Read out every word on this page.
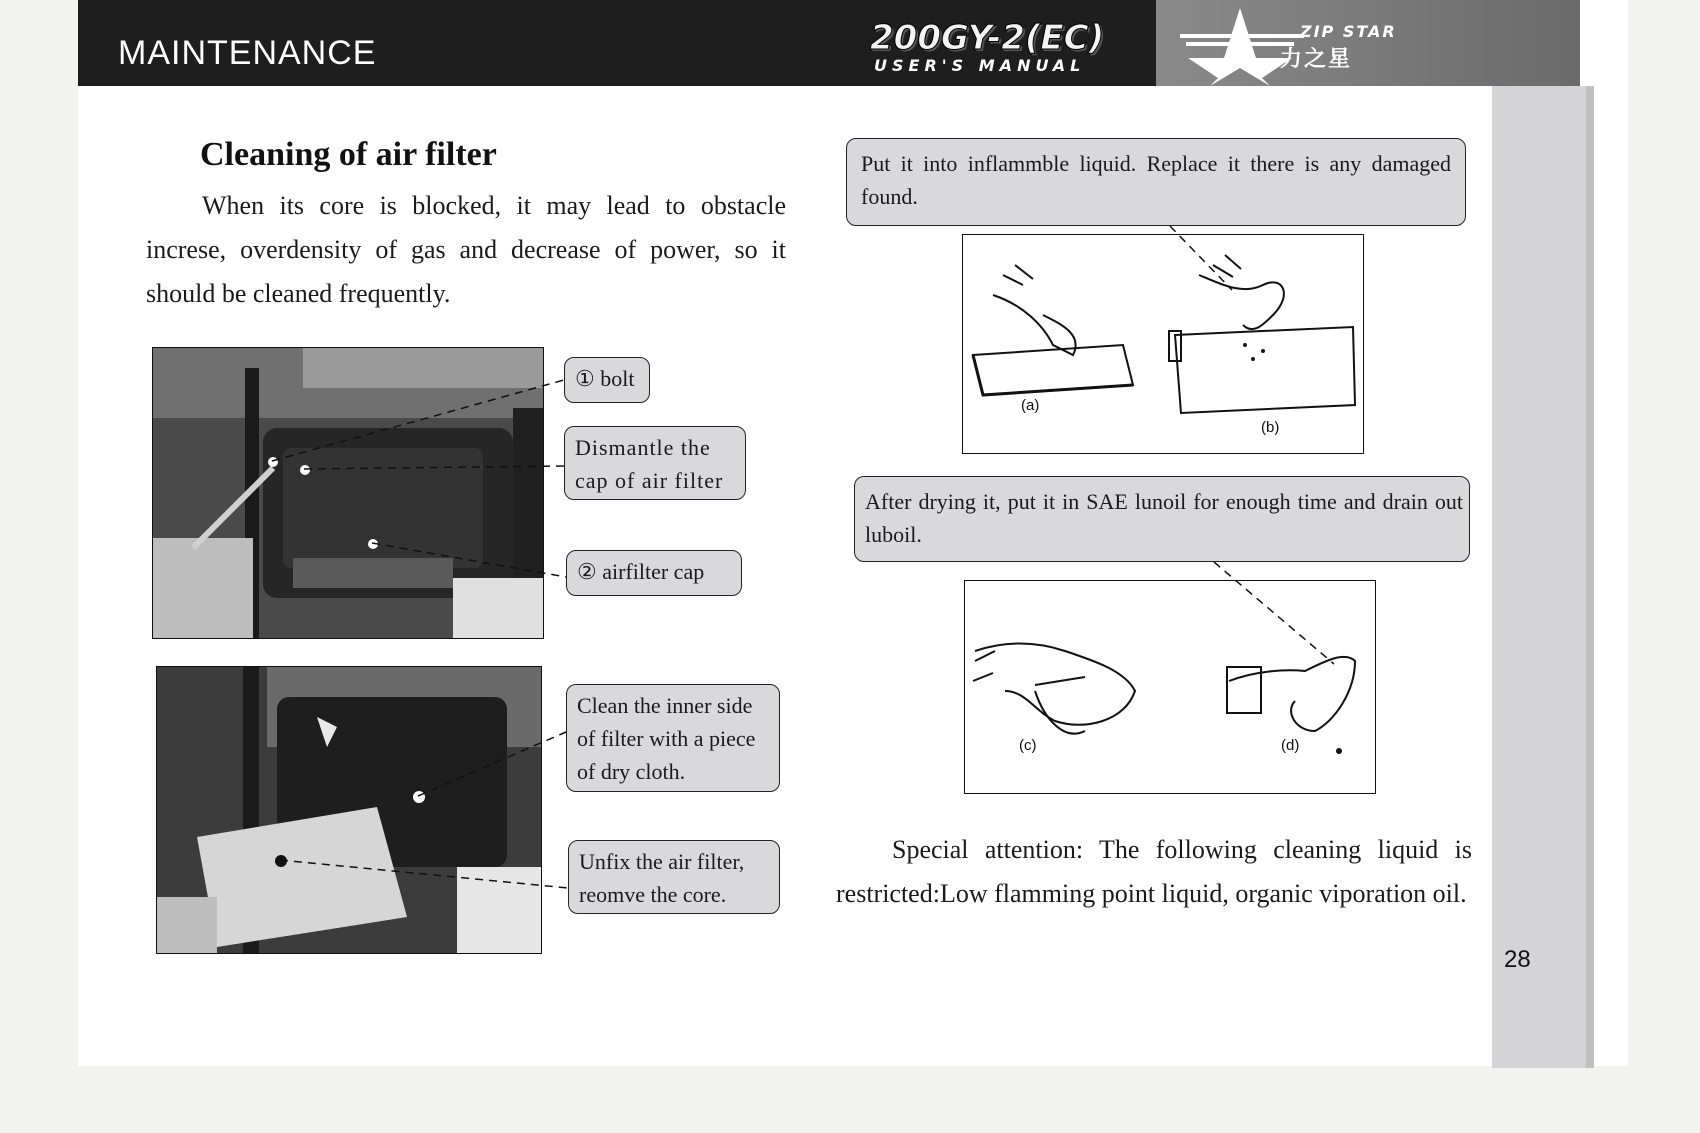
MAINTENANCE	200GY-2(EC)
USER'S MANUAL
ZIP STAR
力之星
28
Cleaning of air filter

When its core is blocked, it may lead to obstacle increse, overdensity of gas and decrease of power, so it should be cleaned frequently.

① bolt
Dismantle the cap of air filter
② airfilter cap
Clean the inner side of filter with a piece of dry cloth.
Unfix the air filter, reomve the core.
Put it into inflammble liquid. Replace it there is any damaged found.
(a)
(b)
After drying it, put it in SAE lunoil for enough time and drain out luboil.
(c)	(d)

Special attention: The following cleaning liquid is restricted:Low flamming point liquid, organic viporation oil.
